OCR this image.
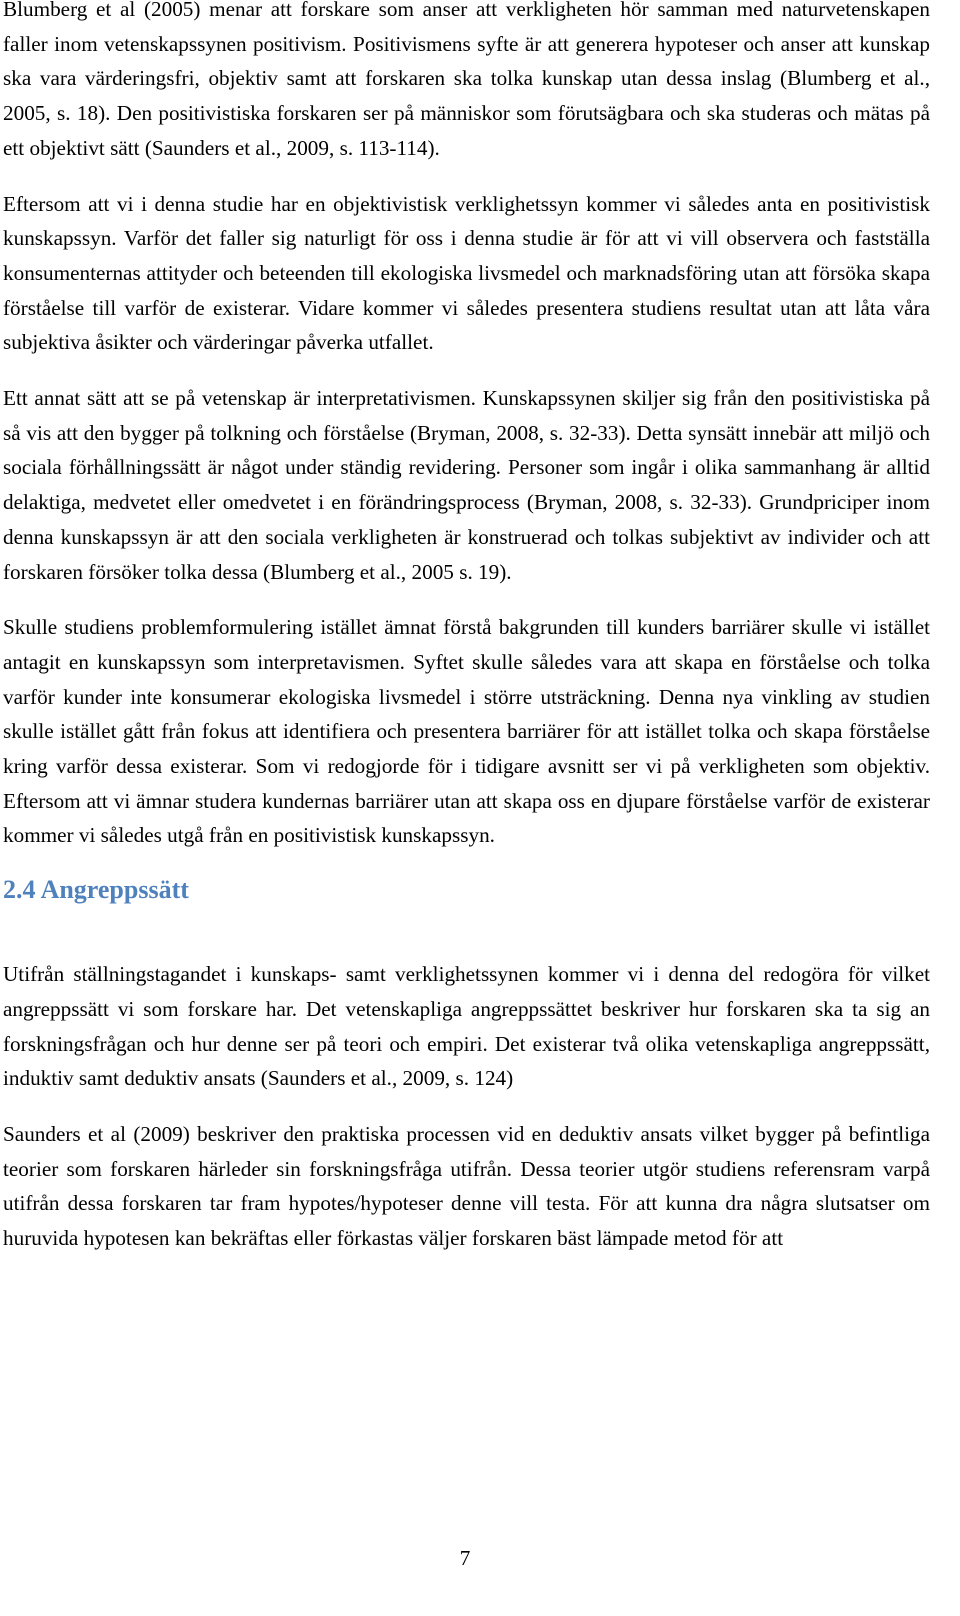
Blumberg et al (2005) menar att forskare som anser att verkligheten hör samman med naturvetenskapen faller inom vetenskapssynen positivism. Positivismens syfte är att generera hypoteser och anser att kunskap ska vara värderingsfri, objektiv samt att forskaren ska tolka kunskap utan dessa inslag (Blumberg et al., 2005, s. 18). Den positivistiska forskaren ser på människor som förutsägbara och ska studeras och mätas på ett objektivt sätt (Saunders et al., 2009, s. 113-114).

Eftersom att vi i denna studie har en objektivistisk verklighetssyn kommer vi således anta en positivistisk kunskapssyn. Varför det faller sig naturligt för oss i denna studie är för att vi vill observera och fastställa konsumenternas attityder och beteenden till ekologiska livsmedel och marknadsföring utan att försöka skapa förståelse till varför de existerar. Vidare kommer vi således presentera studiens resultat utan att låta våra subjektiva åsikter och värderingar påverka utfallet.

Ett annat sätt att se på vetenskap är interpretativismen. Kunskapssynen skiljer sig från den positivistiska på så vis att den bygger på tolkning och förståelse (Bryman, 2008, s. 32-33). Detta synsätt innebär att miljö och sociala förhållningssätt är något under ständig revidering. Personer som ingår i olika sammanhang är alltid delaktiga, medvetet eller omedvetet i en förändringsprocess (Bryman, 2008, s. 32-33). Grundpriciper inom denna kunskapssyn är att den sociala verkligheten är konstruerad och tolkas subjektivt av individer och att forskaren försöker tolka dessa (Blumberg et al., 2005 s. 19).

Skulle studiens problemformulering istället ämnat förstå bakgrunden till kunders barriärer skulle vi istället antagit en kunskapssyn som interpretavismen. Syftet skulle således vara att skapa en förståelse och tolka varför kunder inte konsumerar ekologiska livsmedel i större utsträckning. Denna nya vinkling av studien skulle istället gått från fokus att identifiera och presentera barriärer för att istället tolka och skapa förståelse kring varför dessa existerar. Som vi redogjorde för i tidigare avsnitt ser vi på verkligheten som objektiv. Eftersom att vi ämnar studera kundernas barriärer utan att skapa oss en djupare förståelse varför de existerar kommer vi således utgå från en positivistisk kunskapssyn.

2.4 Angreppssätt

Utifrån ställningstagandet i kunskaps- samt verklighetssynen kommer vi i denna del redogöra för vilket angreppssätt vi som forskare har. Det vetenskapliga angreppssättet beskriver hur forskaren ska ta sig an forskningsfrågan och hur denne ser på teori och empiri. Det existerar två olika vetenskapliga angreppssätt, induktiv samt deduktiv ansats (Saunders et al., 2009, s. 124)

Saunders et al (2009) beskriver den praktiska processen vid en deduktiv ansats vilket bygger på befintliga teorier som forskaren härleder sin forskningsfråga utifrån. Dessa teorier utgör studiens referensram varpå utifrån dessa forskaren tar fram hypotes/hypoteser denne vill testa. För att kunna dra några slutsatser om huruvida hypotesen kan bekräftas eller förkastas väljer forskaren bäst lämpade metod för att

7
